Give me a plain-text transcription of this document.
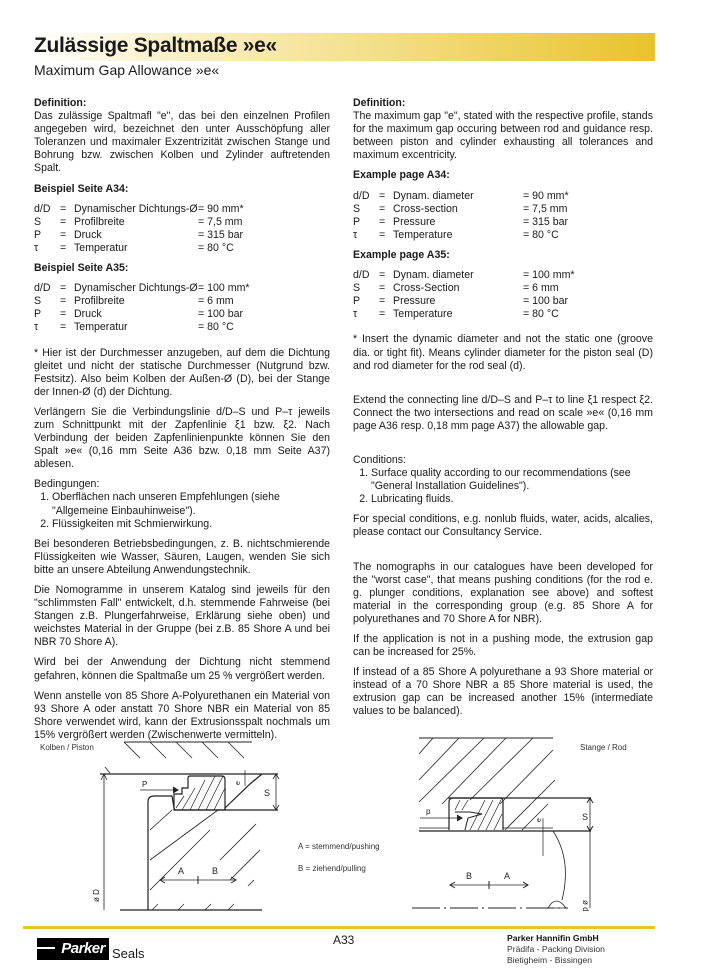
Zulässige Spaltmaße »e«
Maximum Gap Allowance »e«
Definition:

Das zulässige Spaltmafl "e", das bei den einzelnen Profilen angegeben wird, bezeichnet den unter Ausschöpfung aller Toleranzen und maximaler Exzentrizität zwischen Stange und Bohrung bzw. zwischen Kolben und Zylinder auftretenden Spalt.

Beispiel Seite A34:
d/D	=	Dynamischer Dichtungs-Ø	= 90 mm*
S	=	Profilbreite	= 7,5 mm
P	=	Druck	= 315 bar
τ	=	Temperatur	= 80 °C
Beispiel Seite A35:
d/D	=	Dynamischer Dichtungs-Ø	= 100 mm*
S	=	Profilbreite	= 6 mm
P	=	Druck	= 100 bar
τ	=	Temperatur	= 80 °C

* Hier ist der Durchmesser anzugeben, auf dem die Dichtung gleitet und nicht der statische Durchmesser (Nutgrund bzw. Festsitz). Also beim Kolben der Außen-Ø (D), bei der Stange der Innen-Ø (d) der Dichtung.

Verlängern Sie die Verbindungslinie d/D–S und P–τ jeweils zum Schnittpunkt mit der Zapfenlinie ξ1 bzw. ξ2. Nach Verbindung der beiden Zapfenlinienpunkte können Sie den Spalt »e« (0,16 mm Seite A36 bzw. 0,18 mm Seite A37) ablesen.

Bedingungen:
1. Oberflächen nach unseren Empfehlungen (siehe "Allgemeine Einbauhinweise").
2. Flüssigkeiten mit Schmierwirkung.

Bei besonderen Betriebsbedingungen, z. B. nichtschmierende Flüssigkeiten wie Wasser, Säuren, Laugen, wenden Sie sich bitte an unsere Abteilung Anwendungstechnik.

Die Nomogramme in unserem Katalog sind jeweils für den "schlimmsten Fall" entwickelt, d.h. stemmende Fahrweise (bei Stangen z.B. Plungerfahrweise, Erklärung siehe oben) und weichstes Material in der Gruppe (bei z.B. 85 Shore A und bei NBR 70 Shore A).

Wird bei der Anwendung der Dichtung nicht stemmend gefahren, können die Spaltmaße um 25 % vergrößert werden.

Wenn anstelle von 85 Shore A-Polyurethanen ein Material von 93 Shore A oder anstatt 70 Shore NBR ein Material von 85 Shore verwendet wird, kann der Extrusionsspalt nochmals um 15% vergrößert werden (Zwischenwerte vermitteln).

Definition:

The maximum gap "e", stated with the respective profile, stands for the maximum gap occuring between rod and guidance resp. between piston and cylinder exhausting all tolerances and maximum excentricity.

Example page A34:
d/D	=	Dynam. diameter	= 90 mm*
S	=	Cross-section	= 7,5 mm
P	=	Pressure	= 315 bar
τ	=	Temperature	= 80 °C
Example page A35:
d/D	=	Dynam. diameter	= 100 mm*
S	=	Cross-Section	= 6 mm
P	=	Pressure	= 100 bar
τ	=	Temperature	= 80 °C

* Insert the dynamic diameter and not the static one (groove dia. or tight fit). Means cylinder diameter for the piston seal (D) and rod diameter for the rod seal (d).

Extend the connecting line d/D–S and P–τ to line ξ1 respect ξ2. Connect the two intersections and read on scale »e« (0,16 mm page A36 resp. 0,18 mm page A37) the allowable gap.

Conditions:
1. Surface quality according to our recommendations (see "General Installation Guidelines").
2. Lubricating fluids.

For special conditions, e.g. nonlub fluids, water, acids, alcalies, please contact our Consultancy Service.

The nomographs in our catalogues have been developed for the "worst case", that means pushing conditions (for the rod e. g. plunger conditions, explanation see above) and softest material in the corresponding group (e.g. 85 Shore A for polyurethanes and 70 Shore A for NBR).

If the application is not in a pushing mode, the extrusion gap can be increased for 25%.

If instead of a 85 Shore A polyurethane a 93 Shore material or instead of a 70 Shore NBR a 85 Shore material is used, the extrusion gap can be increased another 15% (intermediate values to be balanced).

Kolben / Piston	Stange / Rod
A = stemmend/pushing
B = ziehend/pulling
ø D
P	e
S
A	B
p
e	S
ø d
B	A
Parker Seals
A33	Parker Hannifin GmbH
Prädifa - Packing Division
Bietigheim - Bissingen
